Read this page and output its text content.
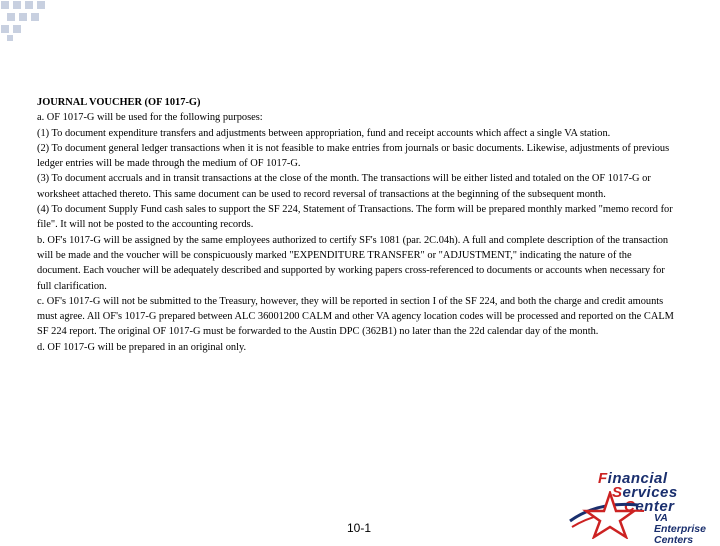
JOURNAL VOUCHER (OF 1017-G)

a. OF 1017-G will be used for the following purposes:

(1) To document expenditure transfers and adjustments between appropriation, fund and receipt accounts which affect a single VA station.

(2) To document general ledger transactions when it is not feasible to make entries from journals or basic documents. Likewise, adjustments of previous ledger entries will be made through the medium of OF 1017-G.

(3) To document accruals and in transit transactions at the close of the month. The transactions will be either listed and totaled on the OF 1017-G or worksheet attached thereto. This same document can be used to record reversal of transactions at the beginning of the subsequent month.

(4) To document Supply Fund cash sales to support the SF 224, Statement of Transactions. The form will be prepared monthly marked "memo record for file". It will not be posted to the accounting records.

b. OF's 1017-G will be assigned by the same employees authorized to certify SF's 1081 (par. 2C.04h). A full and complete description of the transaction will be made and the voucher will be conspicuously marked "EXPENDITURE TRANSFER" or "ADJUSTMENT," indicating the nature of the document. Each voucher will be adequately described and supported by working papers cross-referenced to documents or accounts when necessary for full clarification.

c. OF's 1017-G will not be submitted to the Treasury, however, they will be reported in section I of the SF 224, and both the charge and credit amounts must agree. All OF's 1017-G prepared between ALC 36001200 CALM and other VA agency location codes will be processed and reported on the CALM SF 224 report. The original OF 1017-G must be forwarded to the Austin DPC (362B1) no later than the 22d calendar day of the month.

d. OF 1017-G will be prepared in an original only.

10-1
Financial
Services
Center
VA Enterprise Centers
